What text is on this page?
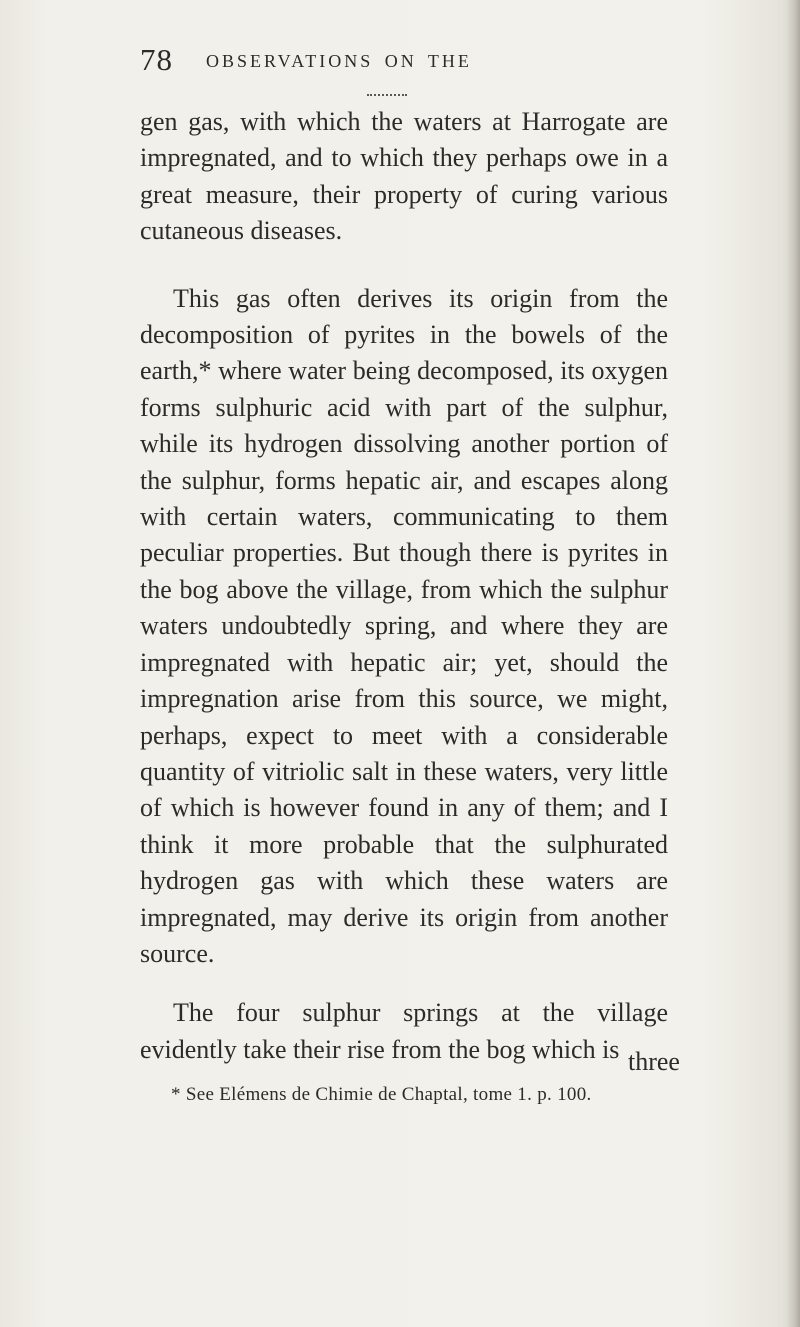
78 OBSERVATIONS ON THE

gen gas, with which the waters at Harrogate are impregnated, and to which they perhaps owe in a great measure, their property of curing various cutaneous diseases.

This gas often derives its origin from the decomposition of pyrites in the bowels of the earth,* where water being decomposed, its oxygen forms sulphuric acid with part of the sulphur, while its hydrogen dissolving another portion of the sulphur, forms hepatic air, and escapes along with certain waters, communicating to them peculiar properties. But though there is pyrites in the bog above the village, from which the sulphur waters undoubtedly spring, and where they are impregnated with hepatic air; yet, should the impregnation arise from this source, we might, perhaps, expect to meet with a considerable quantity of vitriolic salt in these waters, very little of which is however found in any of them; and I think it more probable that the sulphurated hydrogen gas with which these waters are impregnated, may derive its origin from another source.

The four sulphur springs at the village evidently take their rise from the bog which is three
* See Elémens de Chimie de Chaptal, tome 1. p. 100.
